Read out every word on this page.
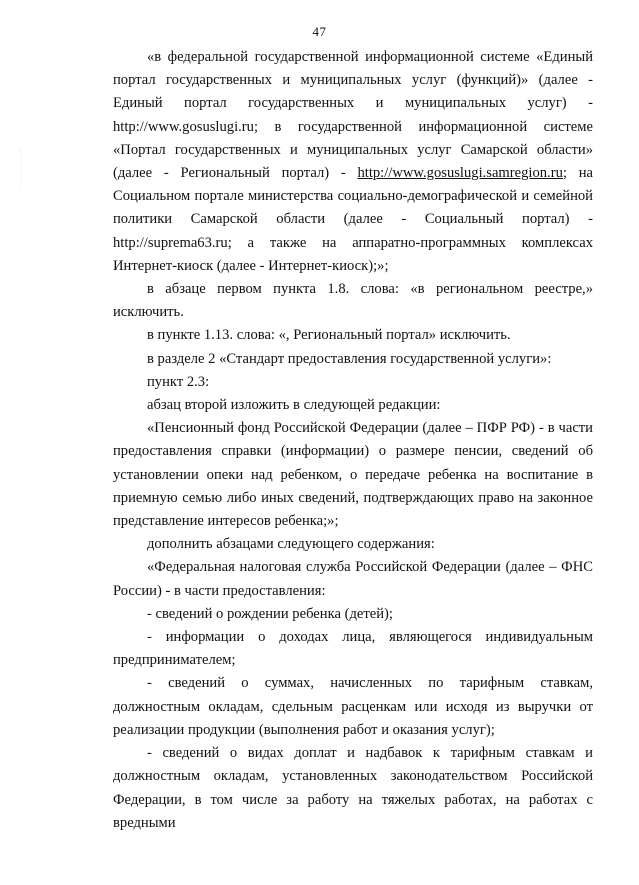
47

«в федеральной государственной информационной системе «Единый портал государственных и муниципальных услуг (функций)» (далее - Единый портал государственных и муниципальных услуг) - http://www.gosuslugi.ru; в государственной информационной системе «Портал государственных и муниципальных услуг Самарской области» (далее - Региональный портал) - http://www.gosuslugi.samregion.ru; на Социальном портале министерства социально-демографической и семейной политики Самарской области (далее - Социальный портал) - http://suprema63.ru; а также на аппаратно-программных комплексах Интернет-киоск (далее - Интернет-киоск);»;

в абзаце первом пункта 1.8. слова: «в региональном реестре,» исключить.

в пункте 1.13. слова: «, Региональный портал» исключить.

в разделе 2 «Стандарт предоставления государственной услуги»:

пункт 2.3:

абзац второй изложить в следующей редакции:

«Пенсионный фонд Российской Федерации (далее – ПФР РФ) - в части предоставления справки (информации) о размере пенсии, сведений об установлении опеки над ребенком, о передаче ребенка на воспитание в приемную семью либо иных сведений, подтверждающих право на законное представление интересов ребенка;»;

дополнить абзацами следующего содержания:

«Федеральная налоговая служба Российской Федерации (далее – ФНС России) - в части предоставления:

- сведений о рождении ребенка (детей);

- информации о доходах лица, являющегося индивидуальным предпринимателем;

- сведений о суммах, начисленных по тарифным ставкам, должностным окладам, сдельным расценкам или исходя из выручки от реализации продукции (выполнения работ и оказания услуг);

- сведений о видах доплат и надбавок к тарифным ставкам и должностным окладам, установленных законодательством Российской Федерации, в том числе за работу на тяжелых работах, на работах с вредными
